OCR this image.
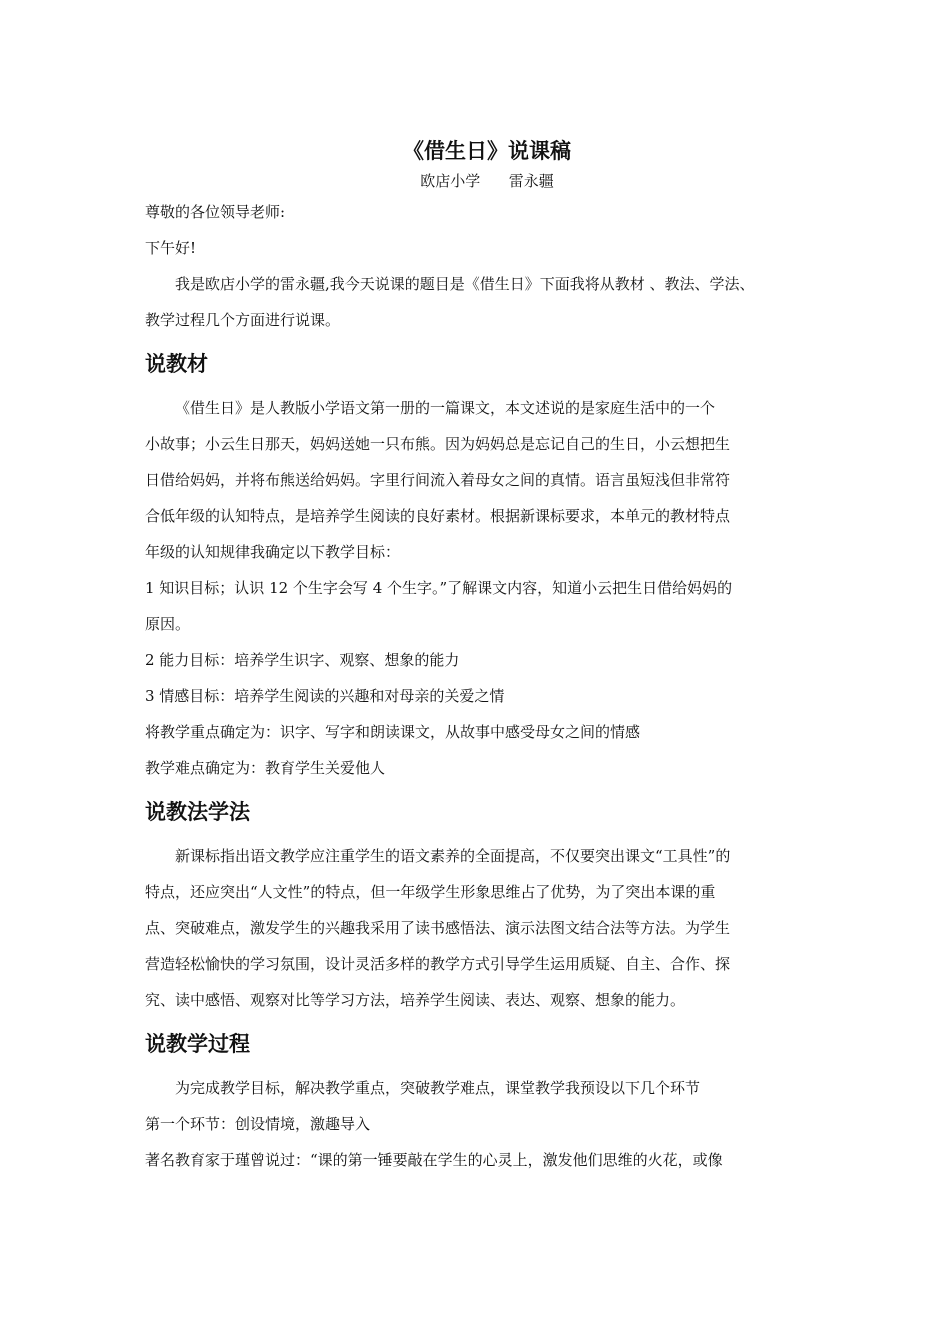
《借生日》说课稿

欧店小学      雷永疆

尊敬的各位领导老师:

下午好!

我是欧店小学的雷永疆,我今天说课的题目是《借生日》下面我将从教材 、教法、学法、

教学过程几个方面进行说课。

说教材

《借生日》是人教版小学语文第一册的一篇课文，本文述说的是家庭生活中的一个

小故事；小云生日那天，妈妈送她一只布熊。因为妈妈总是忘记自己的生日，小云想把生

日借给妈妈，并将布熊送给妈妈。字里行间流入着母女之间的真情。语言虽短浅但非常符

合低年级的认知特点，是培养学生阅读的良好素材。根据新课标要求，本单元的教材特点

年级的认知规律我确定以下教学目标：

1 知识目标；认识 12 个生字会写 4 个生字。”了解课文内容，知道小云把生日借给妈妈的

原因。

2 能力目标：培养学生识字、观察、想象的能力

3 情感目标：培养学生阅读的兴趣和对母亲的关爱之情

将教学重点确定为：识字、写字和朗读课文，从故事中感受母女之间的情感

教学难点确定为：教育学生关爱他人

说教法学法

新课标指出语文教学应注重学生的语文素养的全面提高，不仅要突出课文“工具性”的

特点，还应突出“人文性”的特点，但一年级学生形象思维占了优势，为了突出本课的重

点、突破难点，激发学生的兴趣我采用了读书感悟法、演示法图文结合法等方法。为学生

营造轻松愉快的学习氛围，设计灵活多样的教学方式引导学生运用质疑、自主、合作、探

究、读中感悟、观察对比等学习方法，培养学生阅读、表达、观察、想象的能力。

说教学过程

为完成教学目标，解决教学重点，突破教学难点，课堂教学我预设以下几个环节

第一个环节：创设情境，激趣导入

著名教育家于瑾曾说过：“课的第一锤要敲在学生的心灵上，激发他们思维的火花，或像
